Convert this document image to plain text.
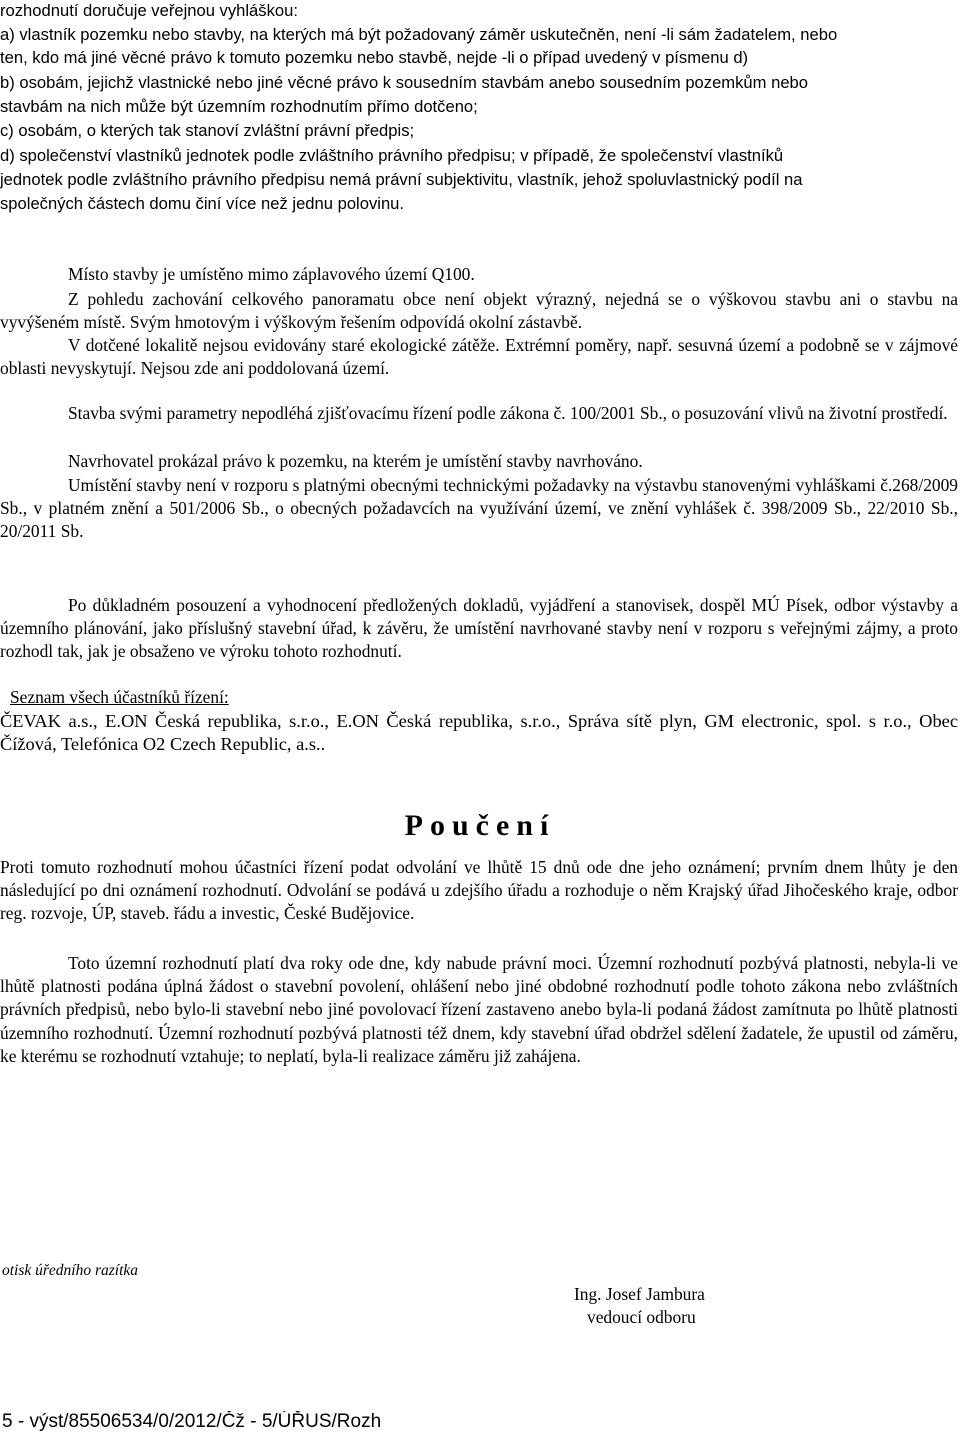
rozhodnutí doručuje veřejnou vyhláškou:
a) vlastník pozemku nebo stavby, na kterých má být požadovaný záměr uskutečněn, není -li sám žadatelem, nebo
ten, kdo má jiné věcné právo k tomuto pozemku nebo stavbě, nejde -li o případ uvedený v písmenu d)
b) osobám, jejichž vlastnické nebo jiné věcné právo k sousedním stavbám anebo sousedním pozemkům nebo
stavbám na nich může být územním rozhodnutím přímo dotčeno;
c) osobám, o kterých tak stanoví zvláštní právní předpis;
d) společenství vlastníků jednotek podle zvláštního právního předpisu; v případě, že společenství vlastníků
jednotek podle zvláštního právního předpisu nemá právní subjektivitu, vlastník, jehož spoluvlastnický podíl na
společných částech domu činí více než jednu polovinu.
Místo stavby je umístěno mimo záplavového území Q100.
Z pohledu zachování celkového panoramatu obce není objekt výrazný, nejedná se o výškovou stavbu ani o stavbu na vyvýšeném místě. Svým hmotovým i výškovým řešením odpovídá okolní zástavbě.
V dotčené lokalitě nejsou evidovány staré ekologické zátěže. Extrémní poměry, např. sesuvná území a podobně se v zájmové oblasti nevyskytují. Nejsou zde ani poddolovaná území.
Stavba svými parametry nepodléhá zjišťovacímu řízení podle zákona č. 100/2001 Sb., o posuzování vlivů na životní prostředí.
Navrhovatel prokázal právo k pozemku, na kterém je umístění stavby navrhováno.
Umístění stavby není v rozporu s platnými obecnými technickými požadavky na výstavbu stanovenými vyhláškami č.268/2009 Sb., v platném znění a 501/2006 Sb., o obecných požadavcích na využívání území, ve znění vyhlášek č. 398/2009 Sb., 22/2010 Sb., 20/2011 Sb.
Po důkladném posouzení a vyhodnocení předložených dokladů, vyjádření a stanovisek, dospěl MÚ Písek, odbor výstavby a územního plánování, jako příslušný stavební úřad, k závěru, že umístění navrhované stavby není v rozporu s veřejnými zájmy, a proto rozhodl tak, jak je obsaženo ve výroku tohoto rozhodnutí.
Seznam všech účastníků řízení:
ČEVAK a.s., E.ON Česká republika, s.r.o., E.ON Česká republika, s.r.o., Správa sítě plyn, GM electronic, spol. s r.o., Obec Čížová, Telefónica O2 Czech Republic, a.s..
Poučení
Proti tomuto rozhodnutí mohou účastníci řízení podat odvolání ve lhůtě 15 dnů ode dne jeho oznámení; prvním dnem lhůty je den následující po dni oznámení rozhodnutí. Odvolání se podává u zdejšího úřadu a rozhoduje o něm Krajský úřad Jihočeského kraje, odbor reg. rozvoje, ÚP, staveb. řádu a investic, České Budějovice.
Toto územní rozhodnutí platí dva roky ode dne, kdy nabude právní moci. Územní rozhodnutí pozbývá platnosti, nebyla-li ve lhůtě platnosti podána úplná žádost o stavební povolení, ohlášení nebo jiné obdobné rozhodnutí podle tohoto zákona nebo zvláštních právních předpisů, nebo bylo-li stavební nebo jiné povolovací řízení zastaveno anebo byla-li podaná žádost zamítnuta po lhůtě platnosti územního rozhodnutí. Územní rozhodnutí pozbývá platnosti též dnem, kdy stavební úřad obdržel sdělení žadatele, že upustil od záměru, ke kterému se rozhodnutí vztahuje; to neplatí, byla-li realizace záměru již zahájena.
otisk úředního razítka
Ing. Josef Jambura
vedoucí odboru
5 - výst/85506534/0/2012/Čž - 5/ÚŘUS/Rozh
